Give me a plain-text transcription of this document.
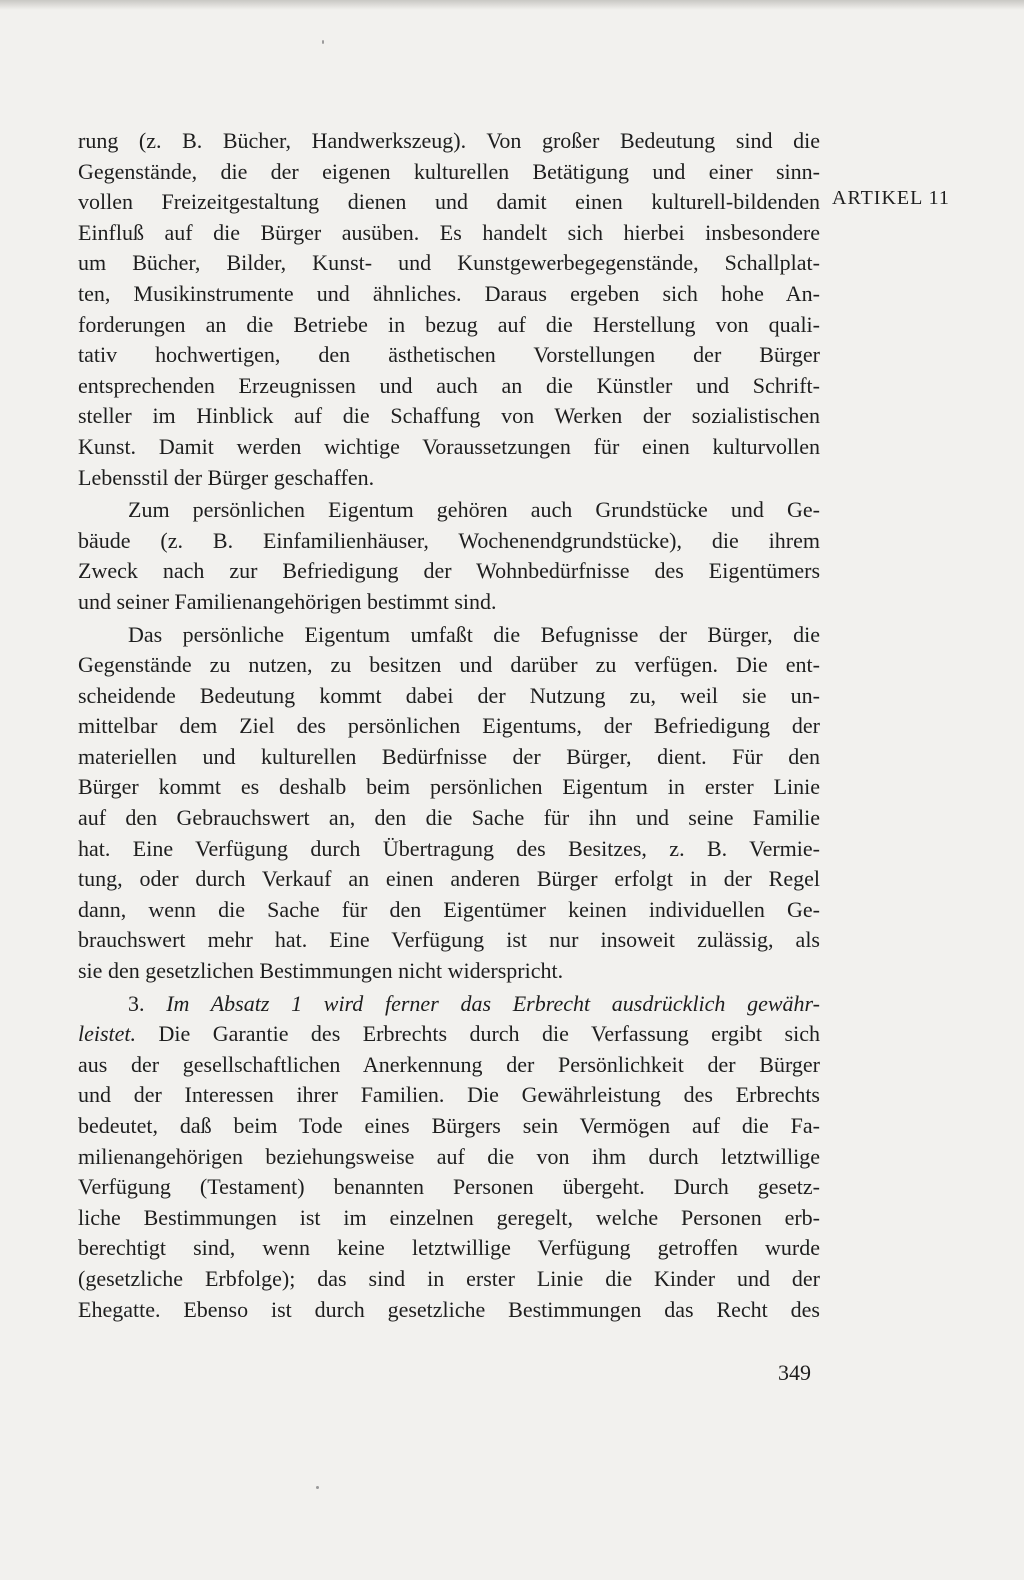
ARTIKEL 11
rung (z. B. Bücher, Handwerkszeug). Von großer Bedeutung sind die
Gegenstände, die der eigenen kulturellen Betätigung und einer sinn-
vollen Freizeitgestaltung dienen und damit einen kulturell-bildenden
Einfluß auf die Bürger ausüben. Es handelt sich hierbei insbesondere
um Bücher, Bilder, Kunst- und Kunstgewerbegegenstände, Schallplat-
ten, Musikinstrumente und ähnliches. Daraus ergeben sich hohe An-
forderungen an die Betriebe in bezug auf die Herstellung von quali-
tativ hochwertigen, den ästhetischen Vorstellungen der Bürger
entsprechenden Erzeugnissen und auch an die Künstler und Schrift-
steller im Hinblick auf die Schaffung von Werken der sozialistischen
Kunst. Damit werden wichtige Voraussetzungen für einen kulturvollen
Lebensstil der Bürger geschaffen.
Zum persönlichen Eigentum gehören auch Grundstücke und Ge-
bäude (z. B. Einfamilienhäuser, Wochenendgrundstücke), die ihrem
Zweck nach zur Befriedigung der Wohnbedürfnisse des Eigentümers
und seiner Familienangehörigen bestimmt sind.
Das persönliche Eigentum umfaßt die Befugnisse der Bürger, die
Gegenstände zu nutzen, zu besitzen und darüber zu verfügen. Die ent-
scheidende Bedeutung kommt dabei der Nutzung zu, weil sie un-
mittelbar dem Ziel des persönlichen Eigentums, der Befriedigung der
materiellen und kulturellen Bedürfnisse der Bürger, dient. Für den
Bürger kommt es deshalb beim persönlichen Eigentum in erster Linie
auf den Gebrauchswert an, den die Sache für ihn und seine Familie
hat. Eine Verfügung durch Übertragung des Besitzes, z. B. Vermie-
tung, oder durch Verkauf an einen anderen Bürger erfolgt in der Regel
dann, wenn die Sache für den Eigentümer keinen individuellen Ge-
brauchswert mehr hat. Eine Verfügung ist nur insoweit zulässig, als
sie den gesetzlichen Bestimmungen nicht widerspricht.
3. Im Absatz 1 wird ferner das Erbrecht ausdrücklich gewähr-
leistet. Die Garantie des Erbrechts durch die Verfassung ergibt sich
aus der gesellschaftlichen Anerkennung der Persönlichkeit der Bürger
und der Interessen ihrer Familien. Die Gewährleistung des Erbrechts
bedeutet, daß beim Tode eines Bürgers sein Vermögen auf die Fa-
milienangehörigen beziehungsweise auf die von ihm durch letztwillige
Verfügung (Testament) benannten Personen übergeht. Durch gesetz-
liche Bestimmungen ist im einzelnen geregelt, welche Personen erb-
berechtigt sind, wenn keine letztwillige Verfügung getroffen wurde
(gesetzliche Erbfolge); das sind in erster Linie die Kinder und der
Ehegatte. Ebenso ist durch gesetzliche Bestimmungen das Recht des
349
